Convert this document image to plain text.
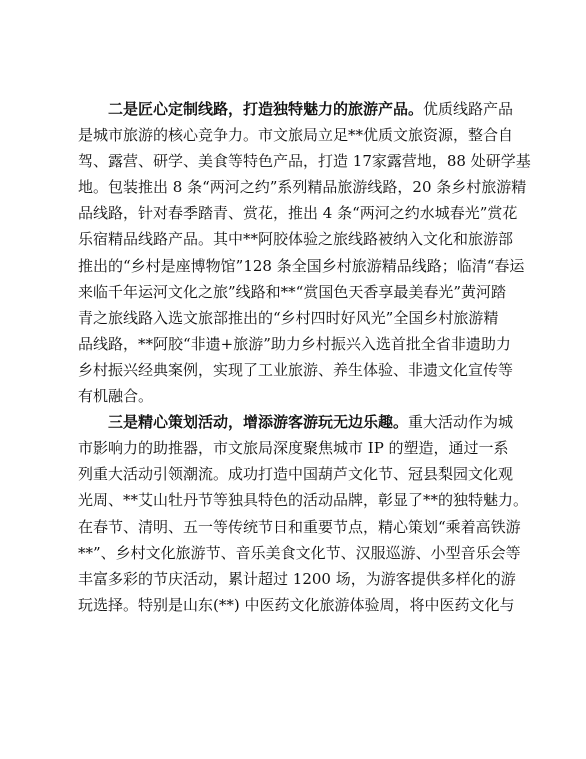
二是匠心定制线路，打造独特魅力的旅游产品。优质线路产品
是城市旅游的核心竞争力。市文旅局立足**优质文旅资源，整合自
驾、露营、研学、美食等特色产品，打造 17家露营地，88 处研学基
地。包装推出 8 条“两河之约”系列精品旅游线路，20 条乡村旅游精
品线路，针对春季踏青、赏花，推出 4 条“两河之约水城春光”赏花
乐宿精品线路产品。其中**阿胶体验之旅线路被纳入文化和旅游部
推出的“乡村是座博物馆”128 条全国乡村旅游精品线路；临清“春运
来临千年运河文化之旅”线路和**“赏国色天香享最美春光”黄河踏
青之旅线路入选文旅部推出的“乡村四时好风光”全国乡村旅游精
品线路，**阿胶“非遗+旅游”助力乡村振兴入选首批全省非遗助力
乡村振兴经典案例，实现了工业旅游、养生体验、非遗文化宣传等
有机融合。
三是精心策划活动，增添游客游玩无边乐趣。重大活动作为城
市影响力的助推器，市文旅局深度聚焦城市 IP 的塑造，通过一系
列重大活动引领潮流。成功打造中国葫芦文化节、冠县梨园文化观
光周、**艾山牡丹节等独具特色的活动品牌，彰显了**的独特魅力。
在春节、清明、五一等传统节日和重要节点，精心策划“乘着高铁游
**”、乡村文化旅游节、音乐美食文化节、汉服巡游、小型音乐会等
丰富多彩的节庆活动，累计超过 1200 场，为游客提供多样化的游
玩选择。特别是山东(**) 中医药文化旅游体验周，将中医药文化与
